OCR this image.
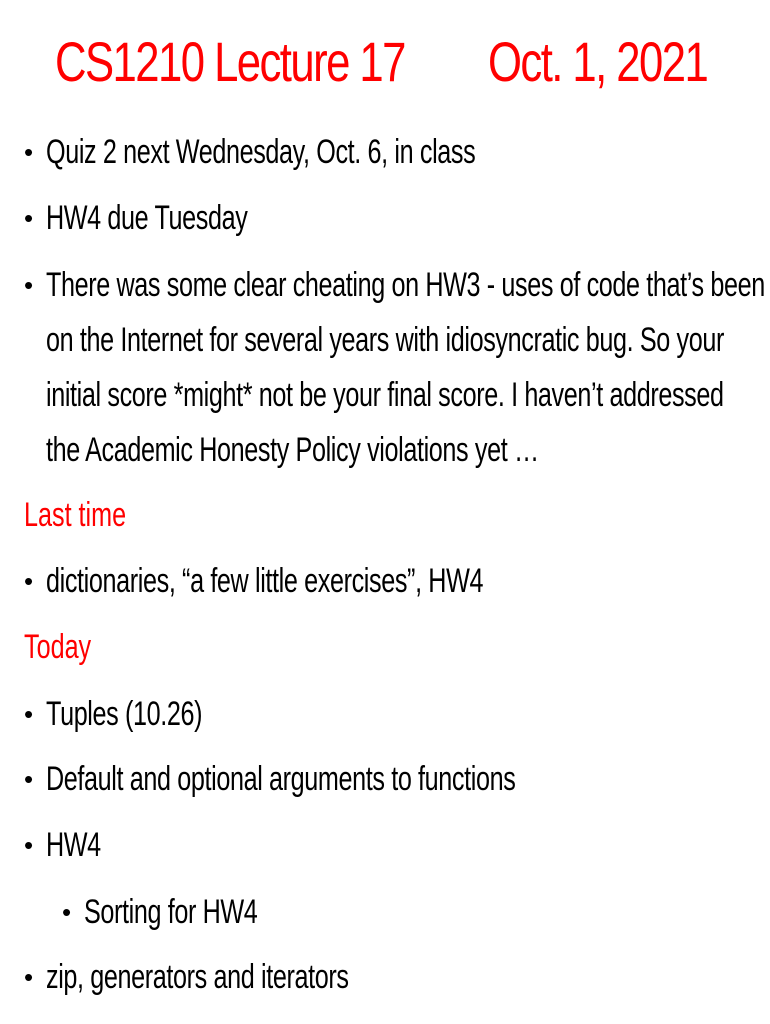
CS1210 Lecture 17 Oct. 1, 2021
• Quiz 2 next Wednesday, Oct. 6, in class
• HW4 due Tuesday
• There was some clear cheating on HW3 - uses of code that’s been
on the Internet for several years with idiosyncratic bug. So your
initial score *might* not be your final score. I haven’t addressed
the Academic Honesty Policy violations yet …
Last time
• dictionaries, “a few little exercises”, HW4
Today
• Tuples (10.26)
• Default and optional arguments to functions
• HW4
• Sorting for HW4
• zip, generators and iterators
